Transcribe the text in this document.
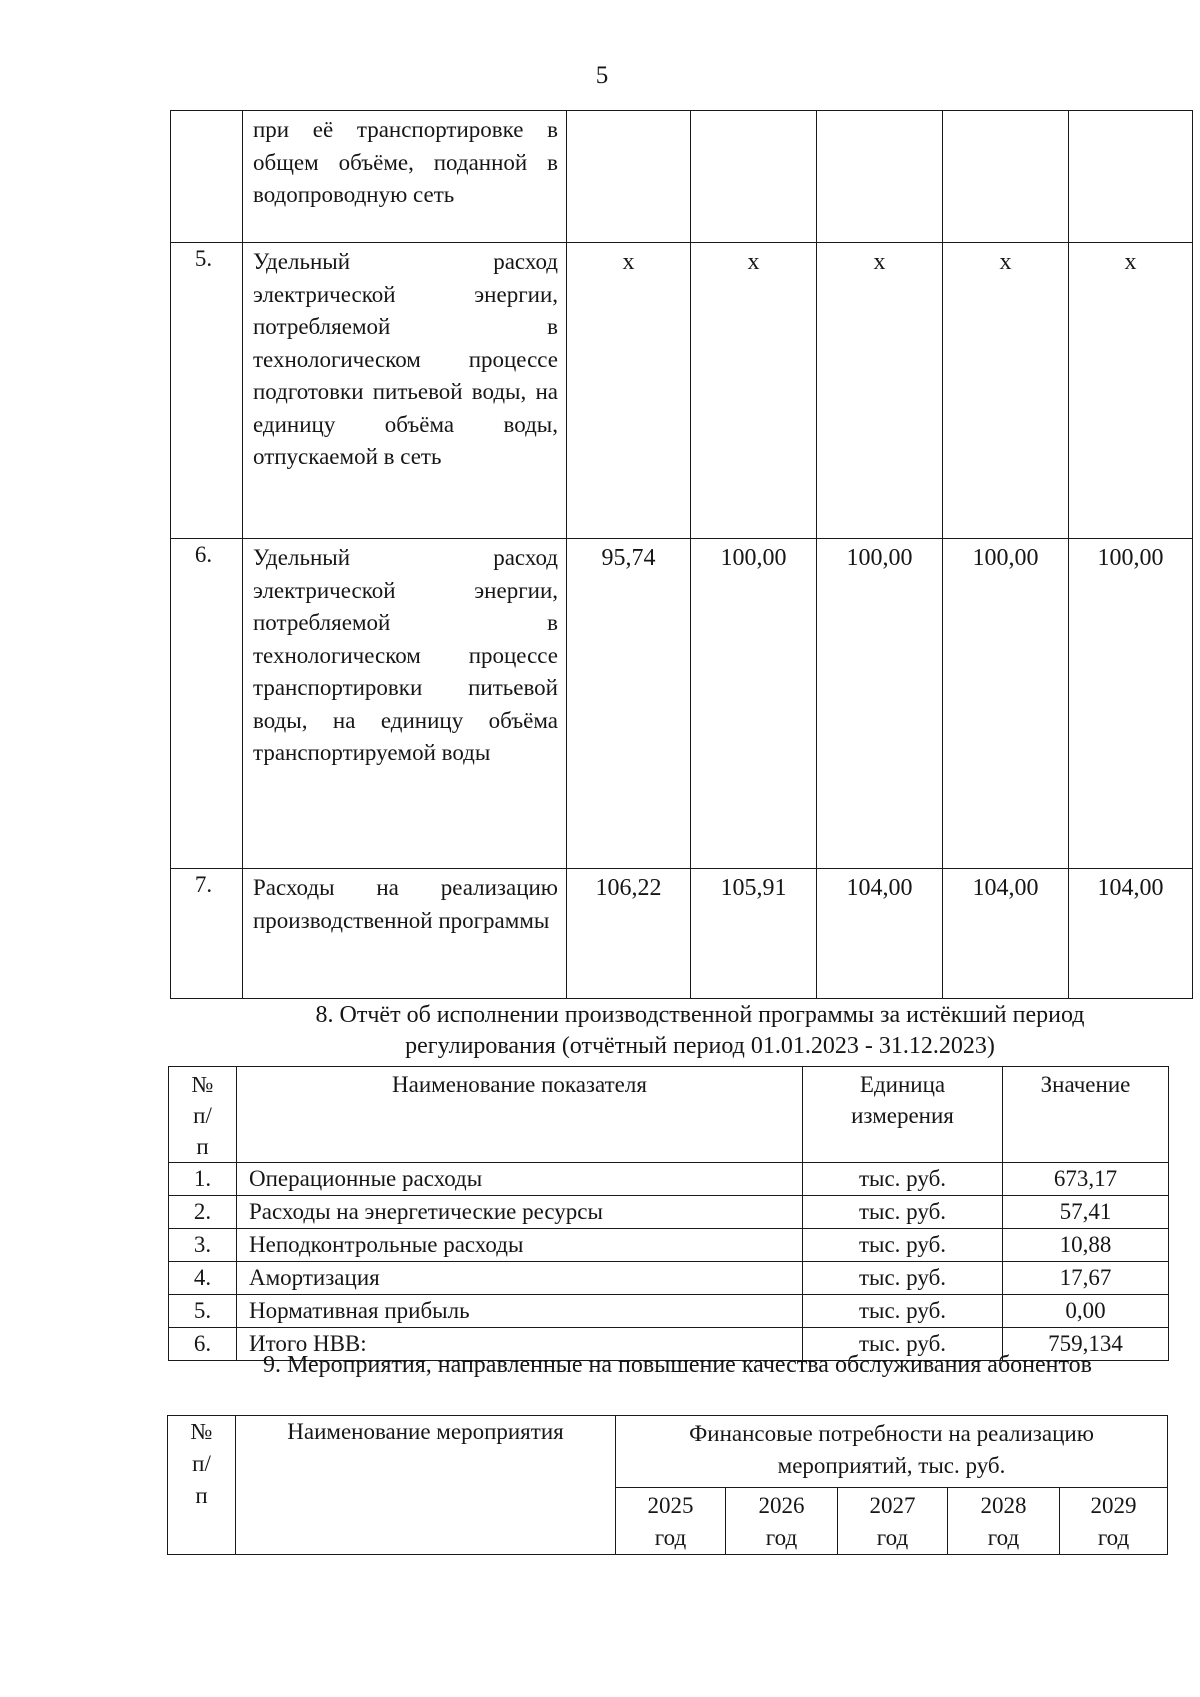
5
	при её транспортировке в общем объёме, поданной в водопроводную сеть					
5.	Удельный расход электрической энергии, потребляемой в технологическом процессе подготовки питьевой воды, на единицу объёма воды, отпускаемой в сеть	х	х	х	х	х
6.	Удельный расход электрической энергии, потребляемой в технологическом процессе транспортировки питьевой воды, на единицу объёма транспортируемой воды	95,74	100,00	100,00	100,00	100,00
7.	Расходы на реализацию производственной программы	106,22	105,91	104,00	104,00	104,00
8. Отчёт об исполнении производственной программы за истёкший период регулирования (отчётный период 01.01.2023 - 31.12.2023)
№ п/п	Наименование показателя	Единица измерения	Значение
1.	Операционные расходы	тыс. руб.	673,17
2.	Расходы на энергетические ресурсы	тыс. руб.	57,41
3.	Неподконтрольные расходы	тыс. руб.	10,88
4.	Амортизация	тыс. руб.	17,67
5.	Нормативная прибыль	тыс. руб.	0,00
6.	Итого НВВ:	тыс. руб.	759,134
9. Мероприятия, направленные на повышение качества обслуживания абонентов
№ п/п	Наименование мероприятия	Финансовые потребности на реализацию мероприятий, тыс. руб.				
		2025 год	2026 год	2027 год	2028 год	2029 год
